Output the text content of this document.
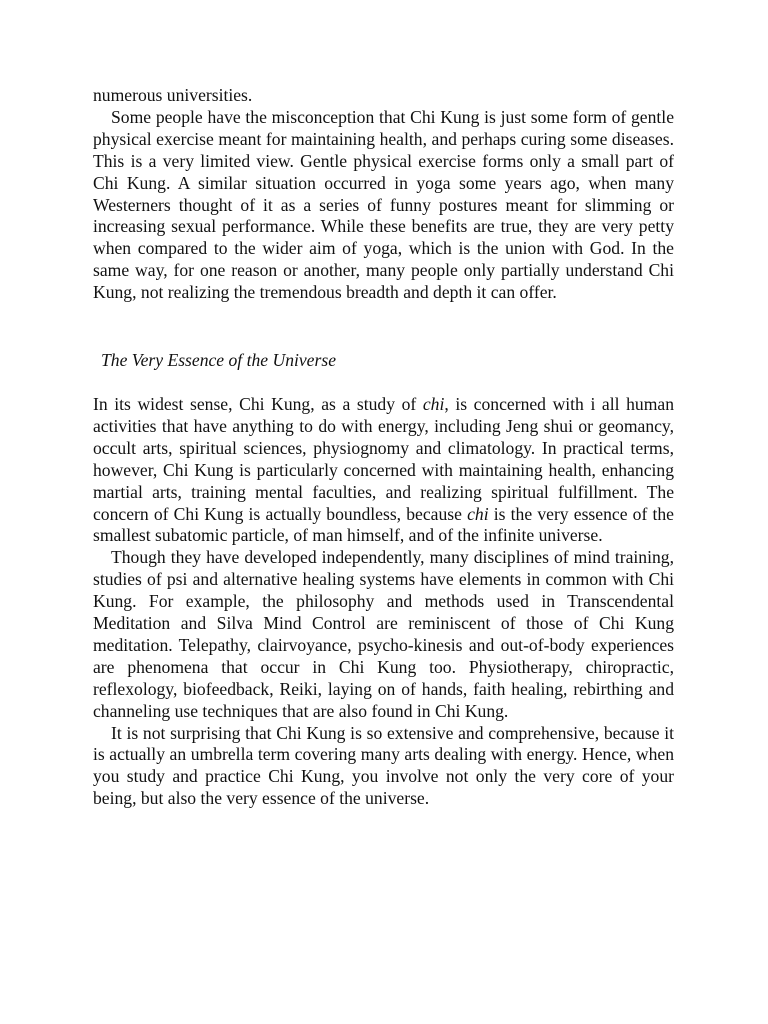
numerous universities.

Some people have the misconception that Chi Kung is just some form of gentle physical exercise meant for maintaining health, and perhaps curing some diseases. This is a very limited view. Gentle physical exercise forms only a small part of Chi Kung. A similar situation occurred in yoga some years ago, when many Westerners thought of it as a series of funny postures meant for slimming or increasing sexual performance. While these benefits are true, they are very petty when compared to the wider aim of yoga, which is the union with God. In the same way, for one reason or another, many people only partially understand Chi Kung, not realizing the tremendous breadth and depth it can offer.

The Very Essence of the Universe

In its widest sense, Chi Kung, as a study of chi, is concerned with i all human activities that have anything to do with energy, including Jeng shui or geomancy, occult arts, spiritual sciences, physiognomy and climatology. In practical terms, however, Chi Kung is particularly concerned with maintaining health, enhancing martial arts, training mental faculties, and realizing spiritual fulfillment. The concern of Chi Kung is actually boundless, because chi is the very essence of the smallest subatomic particle, of man himself, and of the infinite universe.

Though they have developed independently, many disciplines of mind training, studies of psi and alternative healing systems have elements in common with Chi Kung. For example, the philosophy and methods used in Transcendental Meditation and Silva Mind Control are reminiscent of those of Chi Kung meditation. Telepathy, clairvoyance, psycho-kinesis and out-of-body experiences are phenomena that occur in Chi Kung too. Physiotherapy, chiropractic, reflexology, biofeedback, Reiki, laying on of hands, faith healing, rebirthing and channeling use techniques that are also found in Chi Kung.

It is not surprising that Chi Kung is so extensive and comprehensive, because it is actually an umbrella term covering many arts dealing with energy. Hence, when you study and practice Chi Kung, you involve not only the very core of your being, but also the very essence of the universe.
